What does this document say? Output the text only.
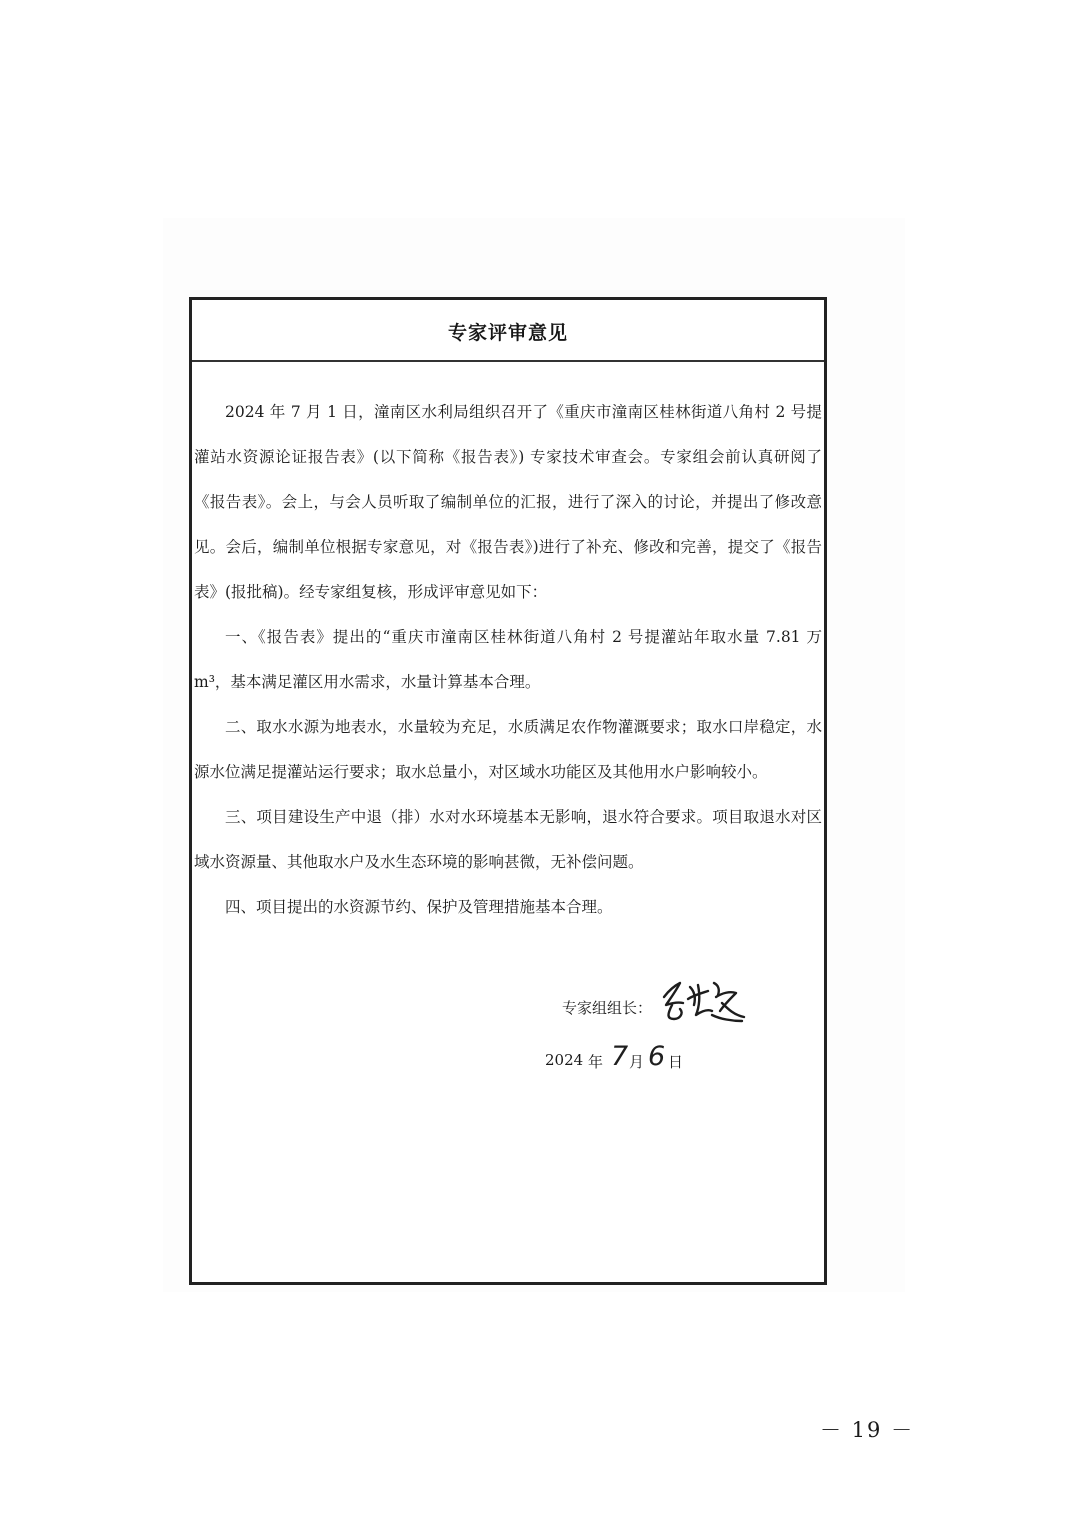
专家评审意见

2024 年 7 月 1 日，潼南区水利局组织召开了《重庆市潼南区桂林街道八角村 2 号提灌站水资源论证报告表》(以下简称《报告表》) 专家技术审查会。专家组会前认真研阅了《报告表》。会上，与会人员听取了编制单位的汇报，进行了深入的讨论，并提出了修改意见。会后，编制单位根据专家意见，对《报告表》)进行了补充、修改和完善，提交了《报告表》(报批稿)。经专家组复核，形成评审意见如下：

一、《报告表》提出的“重庆市潼南区桂林街道八角村 2 号提灌站年取水量 7.81 万 m³，基本满足灌区用水需求，水量计算基本合理。

二、取水水源为地表水，水量较为充足，水质满足农作物灌溉要求；取水口岸稳定，水源水位满足提灌站运行要求；取水总量小，对区域水功能区及其他用水户影响较小。

三、项目建设生产中退（排）水对水环境基本无影响，退水符合要求。项目取退水对区域水资源量、其他取水户及水生态环境的影响甚微，无补偿问题。

四、项目提出的水资源节约、保护及管理措施基本合理。

专家组组长：
2024 年 7 月 6 日
－ 19 －
